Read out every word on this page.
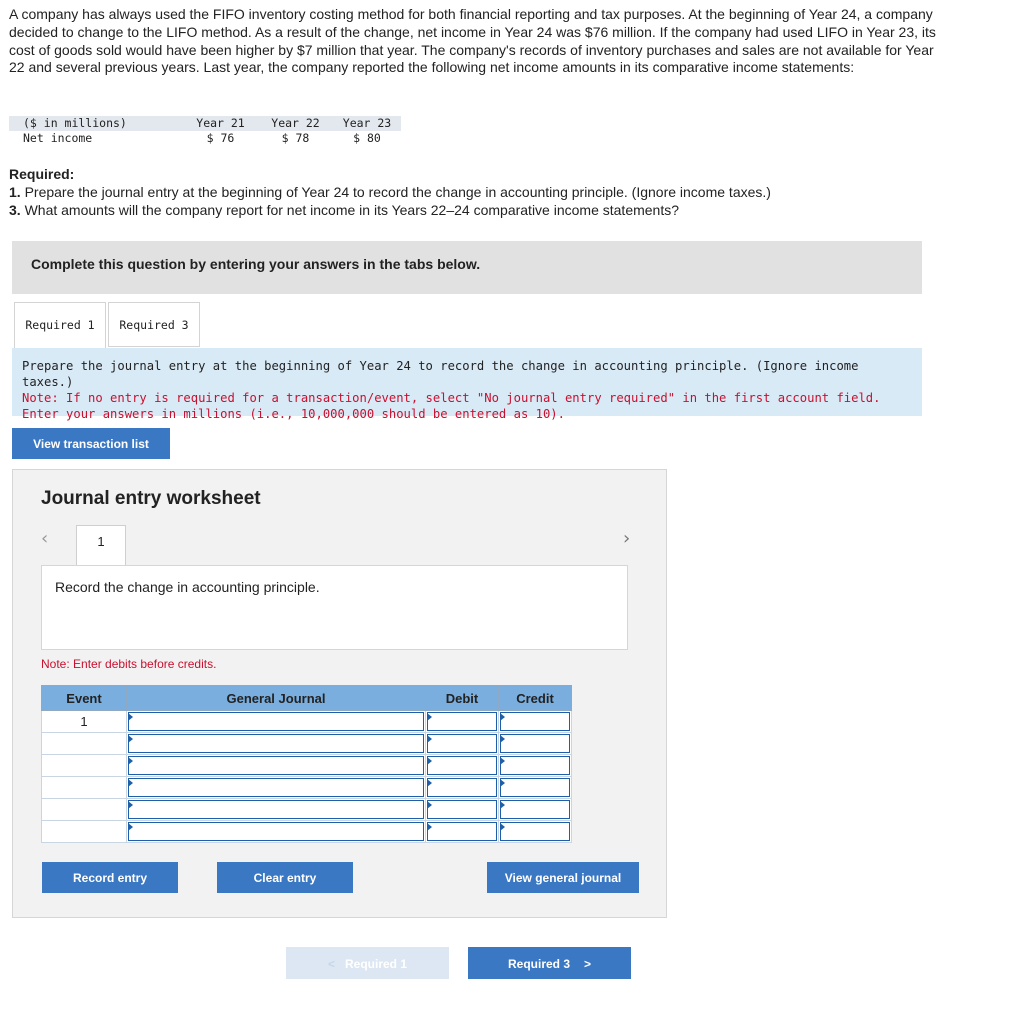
A company has always used the FIFO inventory costing method for both financial reporting and tax purposes. At the beginning of Year 24, a company decided to change to the LIFO method. As a result of the change, net income in Year 24 was $76 million. If the company had used LIFO in Year 23, its cost of goods sold would have been higher by $7 million that year. The company's records of inventory purchases and sales are not available for Year 22 and several previous years. Last year, the company reported the following net income amounts in its comparative income statements:
($ in millions)	Year 21	Year 22	Year 23
Net income	$ 76	$ 78	$ 80
Required:
1. Prepare the journal entry at the beginning of Year 24 to record the change in accounting principle. (Ignore income taxes.)
3. What amounts will the company report for net income in its Years 22–24 comparative income statements?
Complete this question by entering your answers in the tabs below.
Required 1	Required 3
Prepare the journal entry at the beginning of Year 24 to record the change in accounting principle. (Ignore income taxes.)
Note: If no entry is required for a transaction/event, select "No journal entry required" in the first account field. Enter your answers in millions (i.e., 10,000,000 should be entered as 10).
View transaction list
Journal entry worksheet
‹	1	›
Record the change in accounting principle.
Note: Enter debits before credits.
Event	General Journal	Debit	Credit
1	

Record entry	Clear entry	View general journal
< Required 1	Required 3 >
